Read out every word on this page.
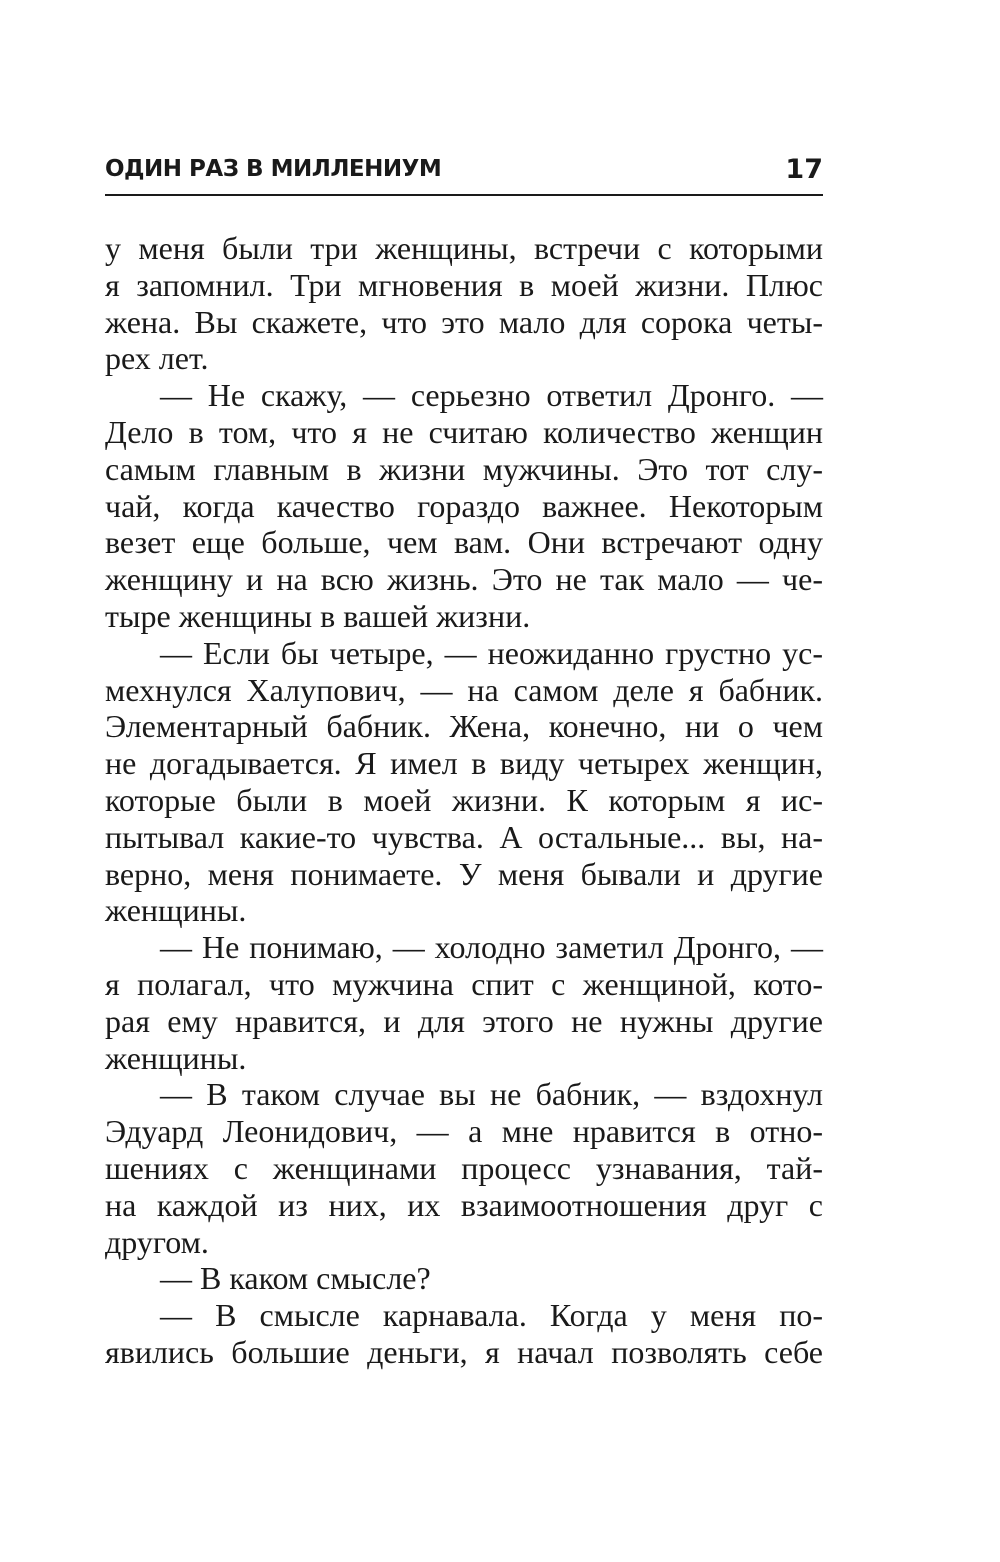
ОДИН РАЗ В МИЛЛЕНИУМ	17
у меня были три женщины, встречи с которыми
я запомнил. Три мгновения в моей жизни. Плюс
жена. Вы скажете, что это мало для сорока четы-
рех лет.
— Не скажу, — серьезно ответил Дронго. —
Дело в том, что я не считаю количество женщин
самым главным в жизни мужчины. Это тот слу-
чай, когда качество гораздо важнее. Некоторым
везет еще больше, чем вам. Они встречают одну
женщину и на всю жизнь. Это не так мало — че-
тыре женщины в вашей жизни.
— Если бы четыре, — неожиданно грустно ус-
мехнулся Халупович, — на самом деле я бабник.
Элементарный бабник. Жена, конечно, ни о чем
не догадывается. Я имел в виду четырех женщин,
которые были в моей жизни. К которым я ис-
пытывал какие-то чувства. А остальные... вы, на-
верно, меня понимаете. У меня бывали и другие
женщины.
— Не понимаю, — холодно заметил Дронго, —
я полагал, что мужчина спит с женщиной, кото-
рая ему нравится, и для этого не нужны другие
женщины.
— В таком случае вы не бабник, — вздохнул
Эдуард Леонидович, — а мне нравится в отно-
шениях с женщинами процесс узнавания, тай-
на каждой из них, их взаимоотношения друг с
другом.
— В каком смысле?
— В смысле карнавала. Когда у меня по-
явились большие деньги, я начал позволять себе
